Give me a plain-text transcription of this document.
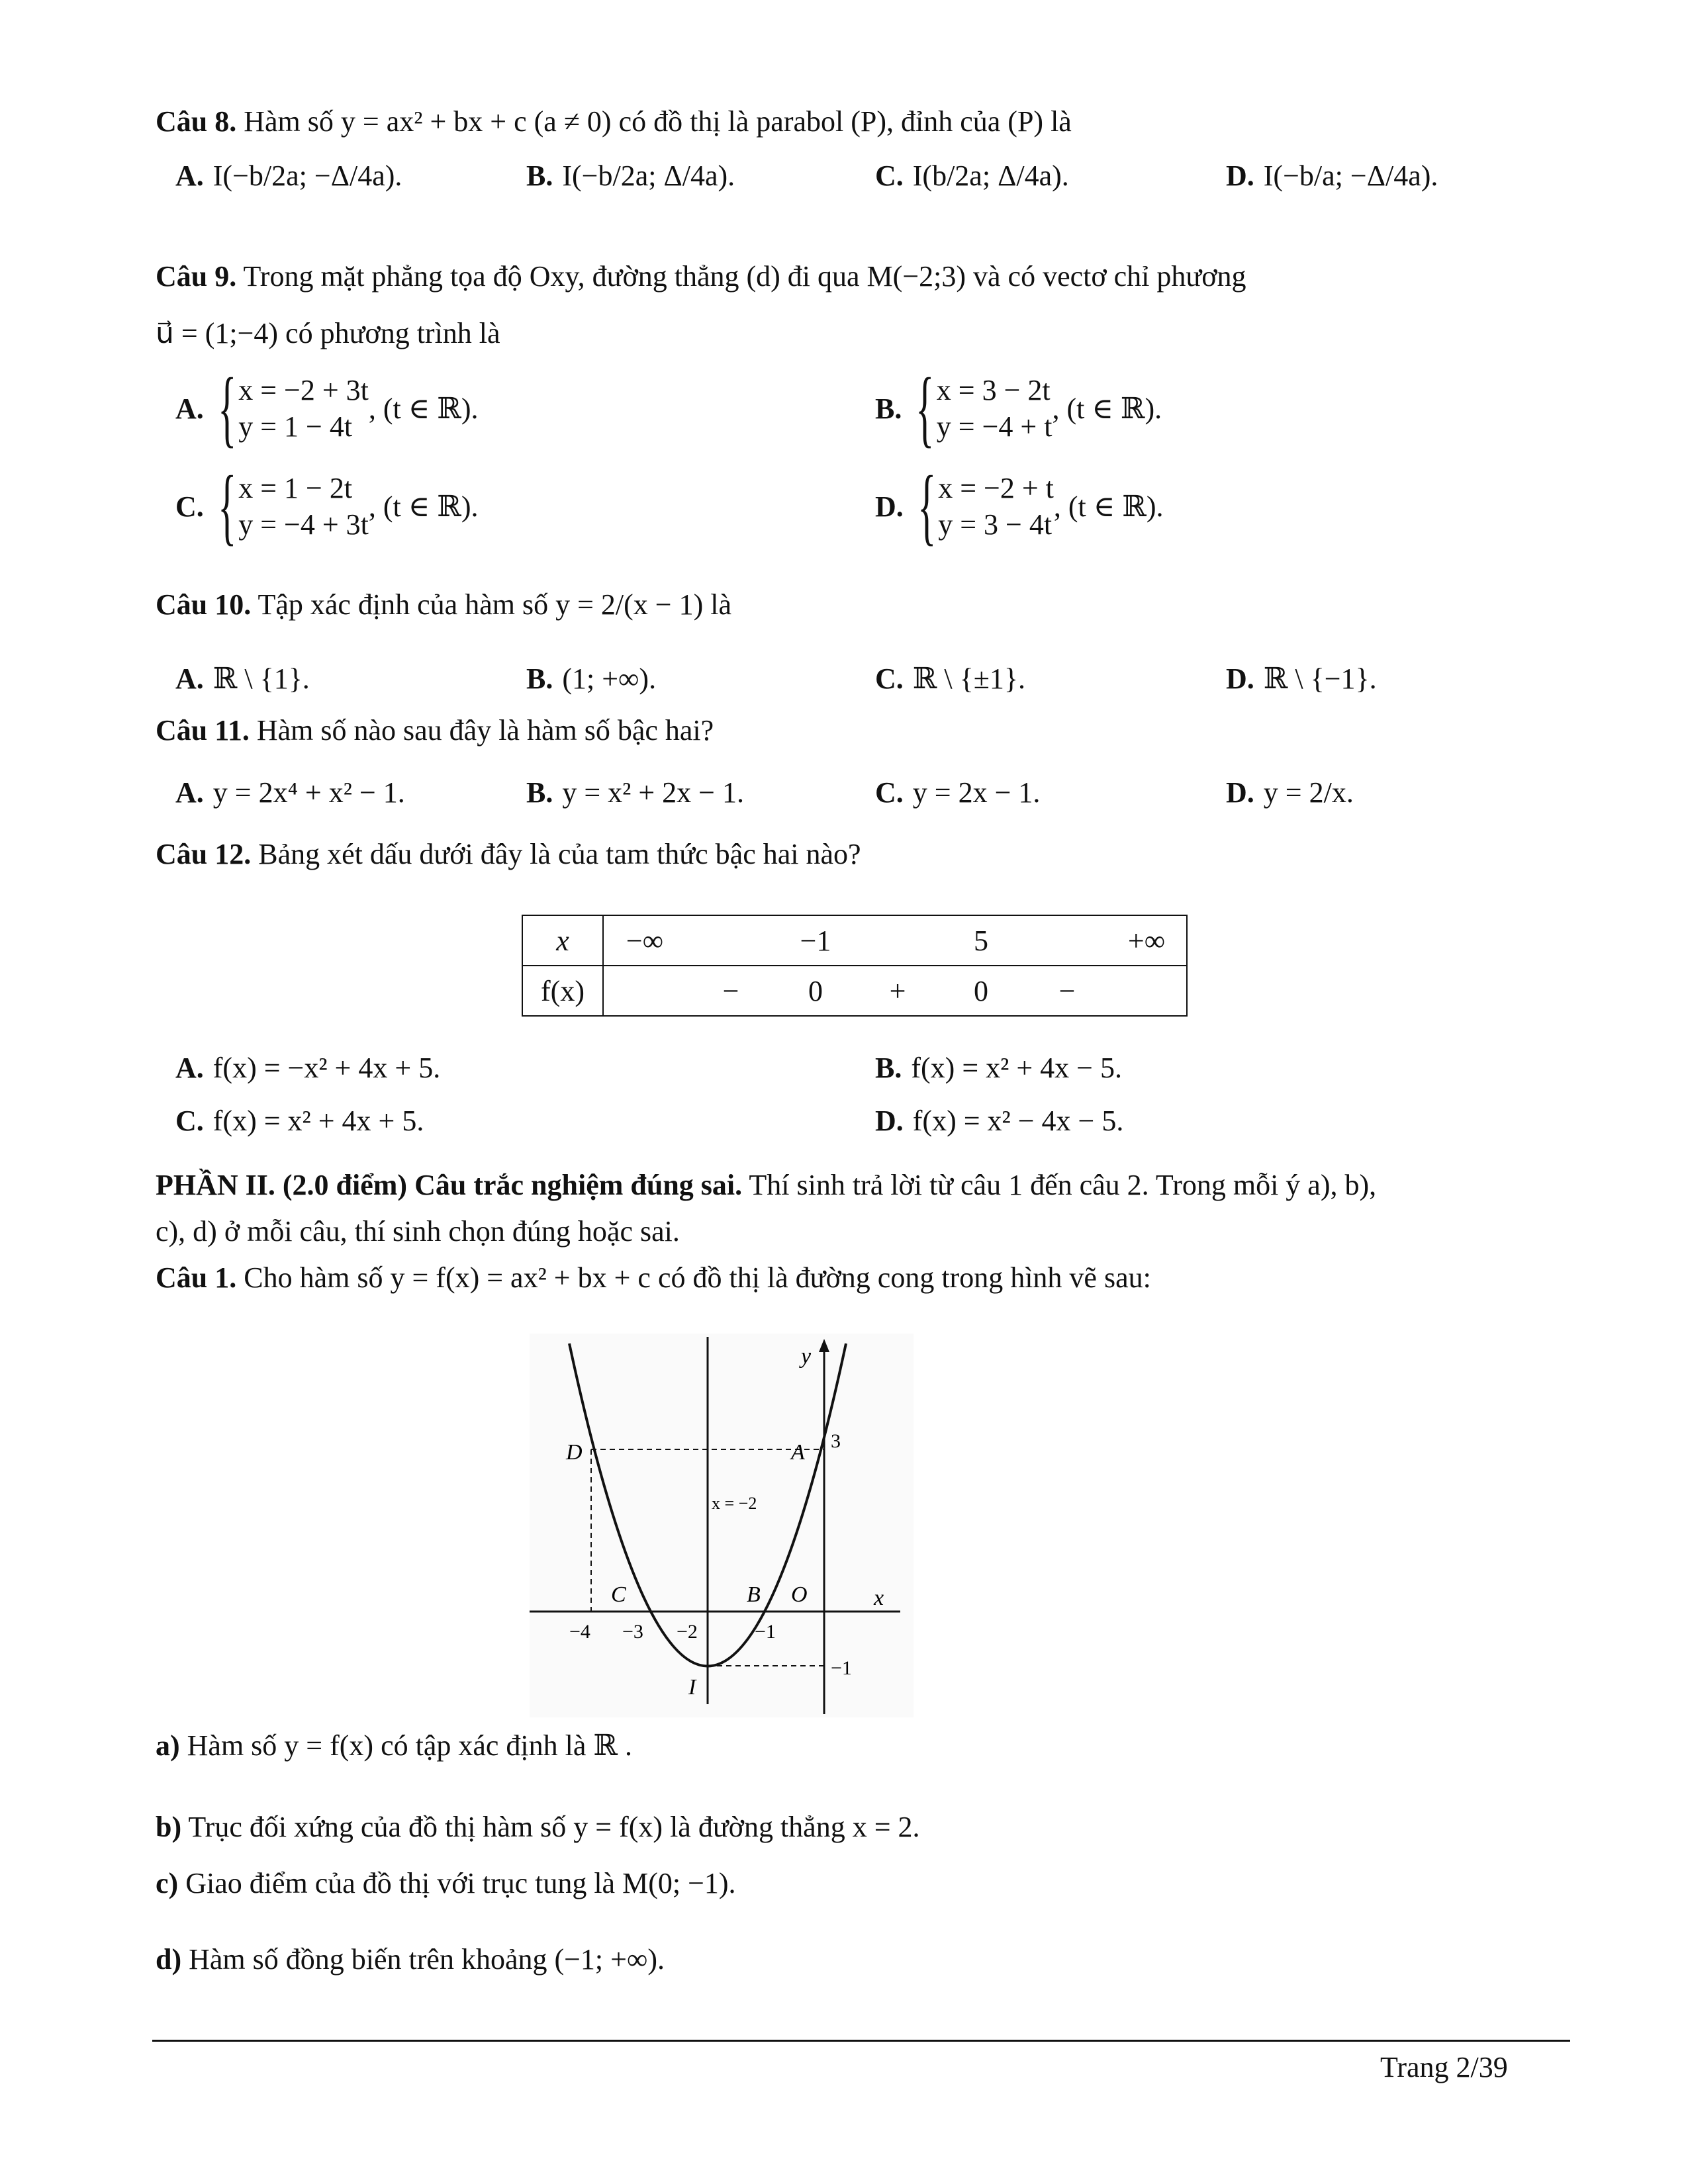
Câu 8. Hàm số y = ax² + bx + c (a ≠ 0) có đồ thị là parabol (P), đỉnh của (P) là
A. I(−b/2a; −Δ/4a).	B. I(−b/2a; Δ/4a).	C. I(b/2a; Δ/4a).	D. I(−b/a; −Δ/4a).
Câu 9. Trong mặt phẳng tọa độ Oxy, đường thẳng (d) đi qua M(−2;3) và có vectơ chỉ phương
u⃗ = (1;−4) có phương trình là
A. { x = −2 + 3t
y = 1 − 4t
, (t ∈ ℝ).	B. { x = 3 − 2t
y = −4 + t
, (t ∈ ℝ).
C. { x = 1 − 2t
y = −4 + 3t
, (t ∈ ℝ).	D. { x = −2 + t
y = 3 − 4t
, (t ∈ ℝ).
Câu 10. Tập xác định của hàm số y = 2/(x − 1) là
A. ℝ \ {1}.	B. (1; +∞).	C. ℝ \ {±1}.	D. ℝ \ {−1}.
Câu 11. Hàm số nào sau đây là hàm số bậc hai?
A. y = 2x⁴ + x² − 1.	B. y = x² + 2x − 1.	C. y = 2x − 1.	D. y = 2/x.
Câu 12. Bảng xét dấu dưới đây là của tam thức bậc hai nào?
x	−∞ −1 5 +∞

f(x)	− 0 + 0 −
A. f(x) = −x² + 4x + 5.	B. f(x) = x² + 4x − 5.
C. f(x) = x² + 4x + 5.	D. f(x) = x² − 4x − 5.
PHẦN II. (2.0 điểm) Câu trắc nghiệm đúng sai. Thí sinh trả lời từ câu 1 đến câu 2. Trong mỗi ý a), b),
c), d) ở mỗi câu, thí sinh chọn đúng hoặc sai.
Câu 1. Cho hàm số y = f(x) = ax² + bx + c có đồ thị là đường cong trong hình vẽ sau:
y
x
x = −2
D	A 3
C	B O
−4 −3 −2	−1
I
−1
a) Hàm số y = f(x) có tập xác định là ℝ .
b) Trục đối xứng của đồ thị hàm số y = f(x) là đường thẳng x = 2.
c) Giao điểm của đồ thị với trục tung là M(0; −1).
d) Hàm số đồng biến trên khoảng (−1; +∞).
Trang 2/39
